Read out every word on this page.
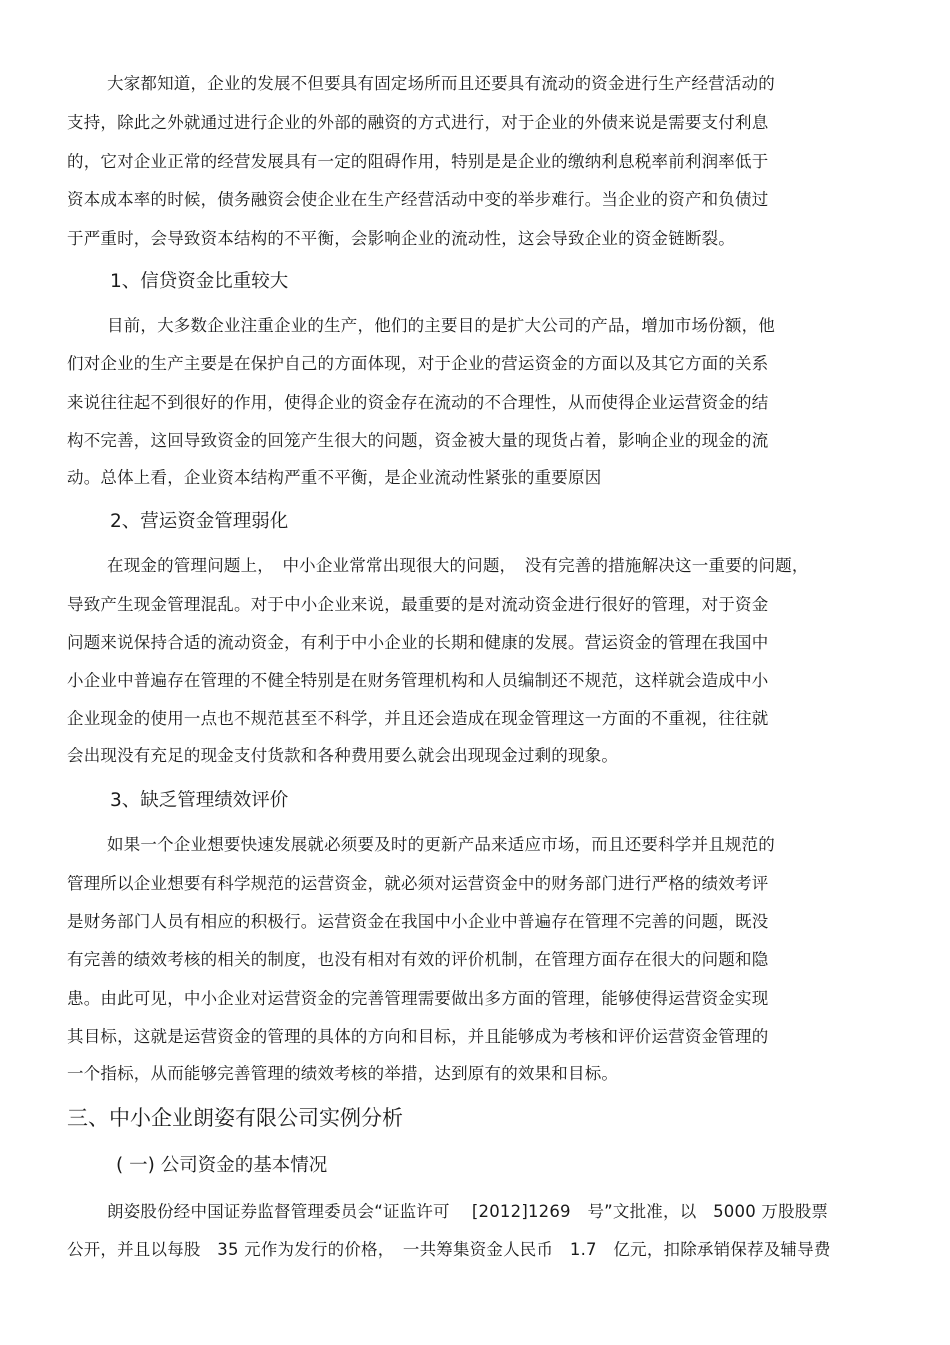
大家都知道，企业的发展不但要具有固定场所而且还要具有流动的资金进行生产经营活动的
支持，除此之外就通过进行企业的外部的融资的方式进行，对于企业的外债来说是需要支付利息
的，它对企业正常的经营发展具有一定的阻碍作用，特别是是企业的缴纳利息税率前利润率低于
资本成本率的时候，债务融资会使企业在生产经营活动中变的举步难行。当企业的资产和负债过
于严重时，会导致资本结构的不平衡，会影响企业的流动性，这会导致企业的资金链断裂。
1、信贷资金比重较大
目前，大多数企业注重企业的生产，他们的主要目的是扩大公司的产品，增加市场份额，他
们对企业的生产主要是在保护自己的方面体现，对于企业的营运资金的方面以及其它方面的关系
来说往往起不到很好的作用，使得企业的资金存在流动的不合理性，从而使得企业运营资金的结
构不完善，这回导致资金的回笼产生很大的问题，资金被大量的现货占着，影响企业的现金的流
动。总体上看，企业资本结构严重不平衡，是企业流动性紧张的重要原因
2、营运资金管理弱化
在现金的管理问题上，　中小企业常常出现很大的问题，　没有完善的措施解决这一重要的问题，
导致产生现金管理混乱。对于中小企业来说，最重要的是对流动资金进行很好的管理，对于资金
问题来说保持合适的流动资金，有利于中小企业的长期和健康的发展。营运资金的管理在我国中
小企业中普遍存在管理的不健全特别是在财务管理机构和人员编制还不规范，这样就会造成中小
企业现金的使用一点也不规范甚至不科学，并且还会造成在现金管理这一方面的不重视，往往就
会出现没有充足的现金支付货款和各种费用要么就会出现现金过剩的现象。
3、缺乏管理绩效评价
如果一个企业想要快速发展就必须要及时的更新产品来适应市场，而且还要科学并且规范的
管理所以企业想要有科学规范的运营资金，就必须对运营资金中的财务部门进行严格的绩效考评
是财务部门人员有相应的积极行。运营资金在我国中小企业中普遍存在管理不完善的问题，既没
有完善的绩效考核的相关的制度，也没有相对有效的评价机制，在管理方面存在很大的问题和隐
患。由此可见，中小企业对运营资金的完善管理需要做出多方面的管理，能够使得运营资金实现
其目标，这就是运营资金的管理的具体的方向和目标，并且能够成为考核和评价运营资金管理的
一个指标，从而能够完善管理的绩效考核的举措，达到原有的效果和目标。
三、中小企业朗姿有限公司实例分析
( 一) 公司资金的基本情况
朗姿股份经中国证券监督管理委员会“证监许可　 [2012]1269　号”文批准，以　5000 万股股票
公开，并且以每股　35 元作为发行的价格，　一共筹集资金人民币　1.7　亿元，扣除承销保荐及辅导费
